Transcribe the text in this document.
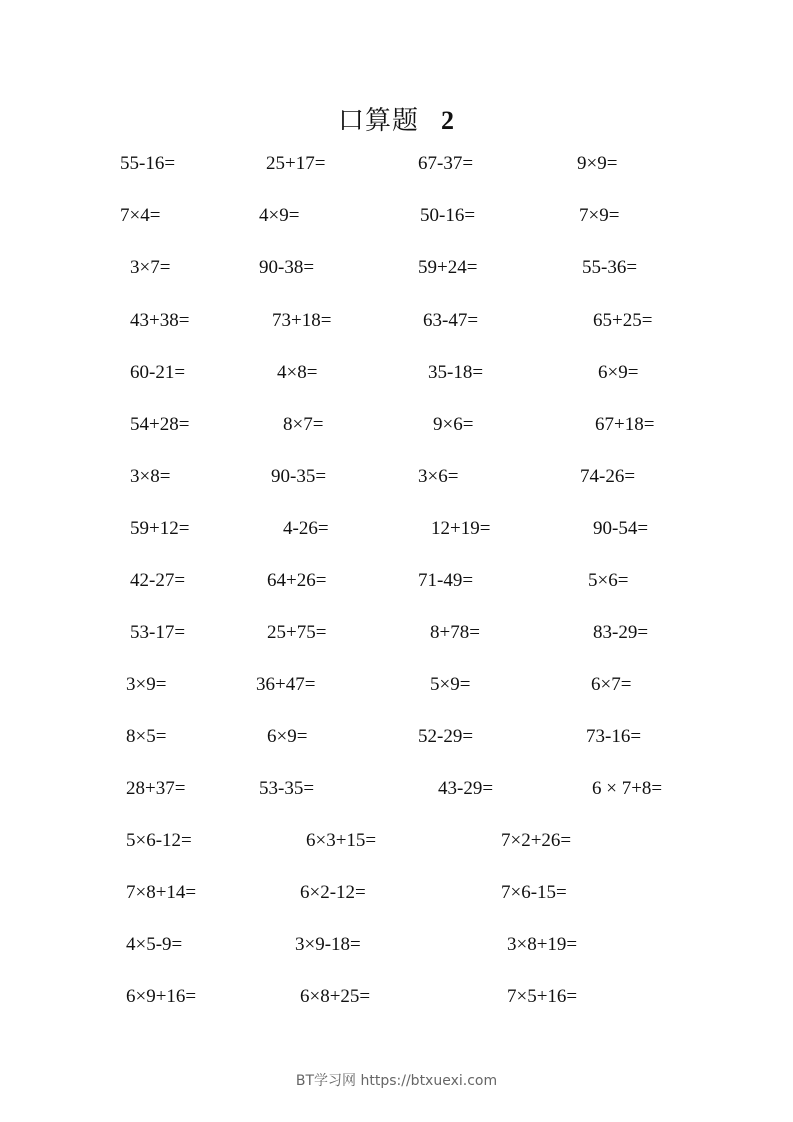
口算题 2
55-16=	25+17=	67-37=	9×9=
7×4=	4×9=	50-16=	7×9=
3×7=	90-38=	59+24=	55-36=
43+38=	73+18=	63-47=	65+25=
60-21=	4×8=	35-18=	6×9=
54+28=	8×7=	9×6=	67+18=
3×8=	90-35=	3×6=	74-26=
59+12=	4-26=	12+19=	90-54=
42-27=	64+26=	71-49=	5×6=
53-17=	25+75=	8+78=	83-29=
3×9=	36+47=	5×9=	6×7=
8×5=	6×9=	52-29=	73-16=
28+37=	53-35=	43-29=	6 × 7+8=
5×6-12=	6×3+15=	7×2+26=
7×8+14=	6×2-12=	7×6-15=
4×5-9=	3×9-18=	3×8+19=
6×9+16=	6×8+25=	7×5+16=
BT学习网 https://btxuexi.com
